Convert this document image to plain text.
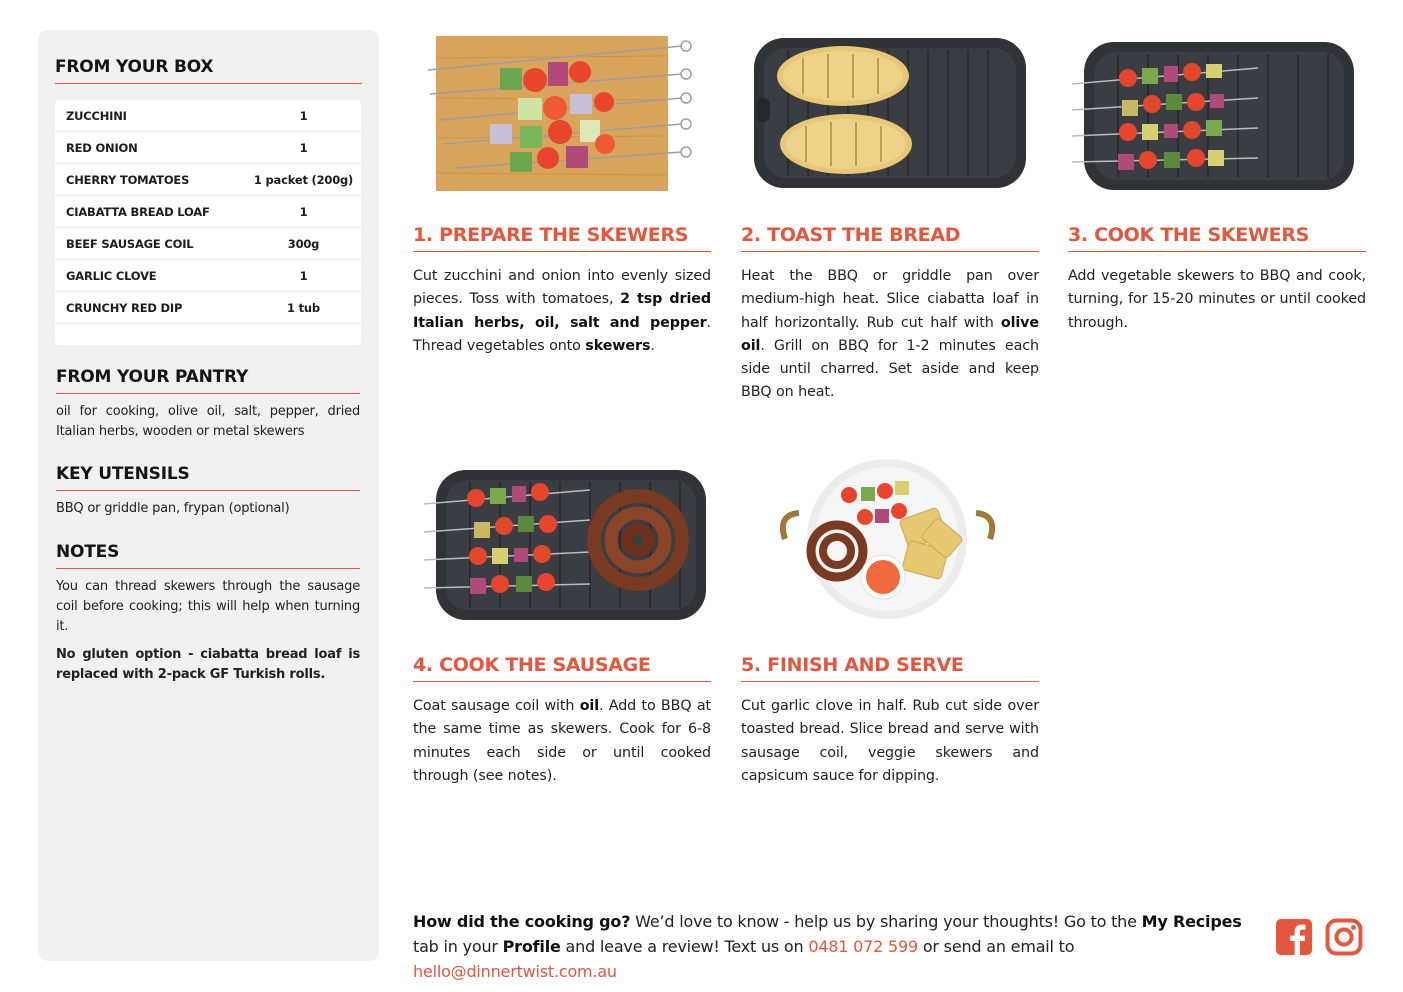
FROM YOUR BOX
ZUCCHINI	1
RED ONION	1
CHERRY TOMATOES	1 packet (200g)
CIABATTA BREAD LOAF	1
BEEF SAUSAGE COIL	300g
GARLIC CLOVE	1
CRUNCHY RED DIP	1 tub
FROM YOUR PANTRY

oil for cooking, olive oil, salt, pepper, dried Italian herbs, wooden or metal skewers

KEY UTENSILS

BBQ or griddle pan, frypan (optional)

NOTES

You can thread skewers through the sausage coil before cooking; this will help when turning it.

No gluten option - ciabatta bread loaf is replaced with 2-pack GF Turkish rolls.

1. PREPARE THE SKEWERS

Cut zucchini and onion into evenly sized pieces. Toss with tomatoes, 2 tsp dried Italian herbs, oil, salt and pepper. Thread vegetables onto skewers.

2. TOAST THE BREAD

Heat the BBQ or griddle pan over medium-high heat. Slice ciabatta loaf in half horizontally. Rub cut half with olive oil. Grill on BBQ for 1-2 minutes each side until charred. Set aside and keep BBQ on heat.

3. COOK THE SKEWERS

Add vegetable skewers to BBQ and cook, turning, for 15-20 minutes or until cooked through.

4. COOK THE SAUSAGE

Coat sausage coil with oil. Add to BBQ at the same time as skewers. Cook for 6-8 minutes each side or until cooked through (see notes).

5. FINISH AND SERVE

Cut garlic clove in half. Rub cut side over toasted bread. Slice bread and serve with sausage coil, veggie skewers and capsicum sauce for dipping.

How did the cooking go? We’d love to know - help us by sharing your thoughts! Go to the My Recipes tab in your Profile and leave a review! Text us on 0481 072 599 or send an email to hello@dinnertwist.com.au
